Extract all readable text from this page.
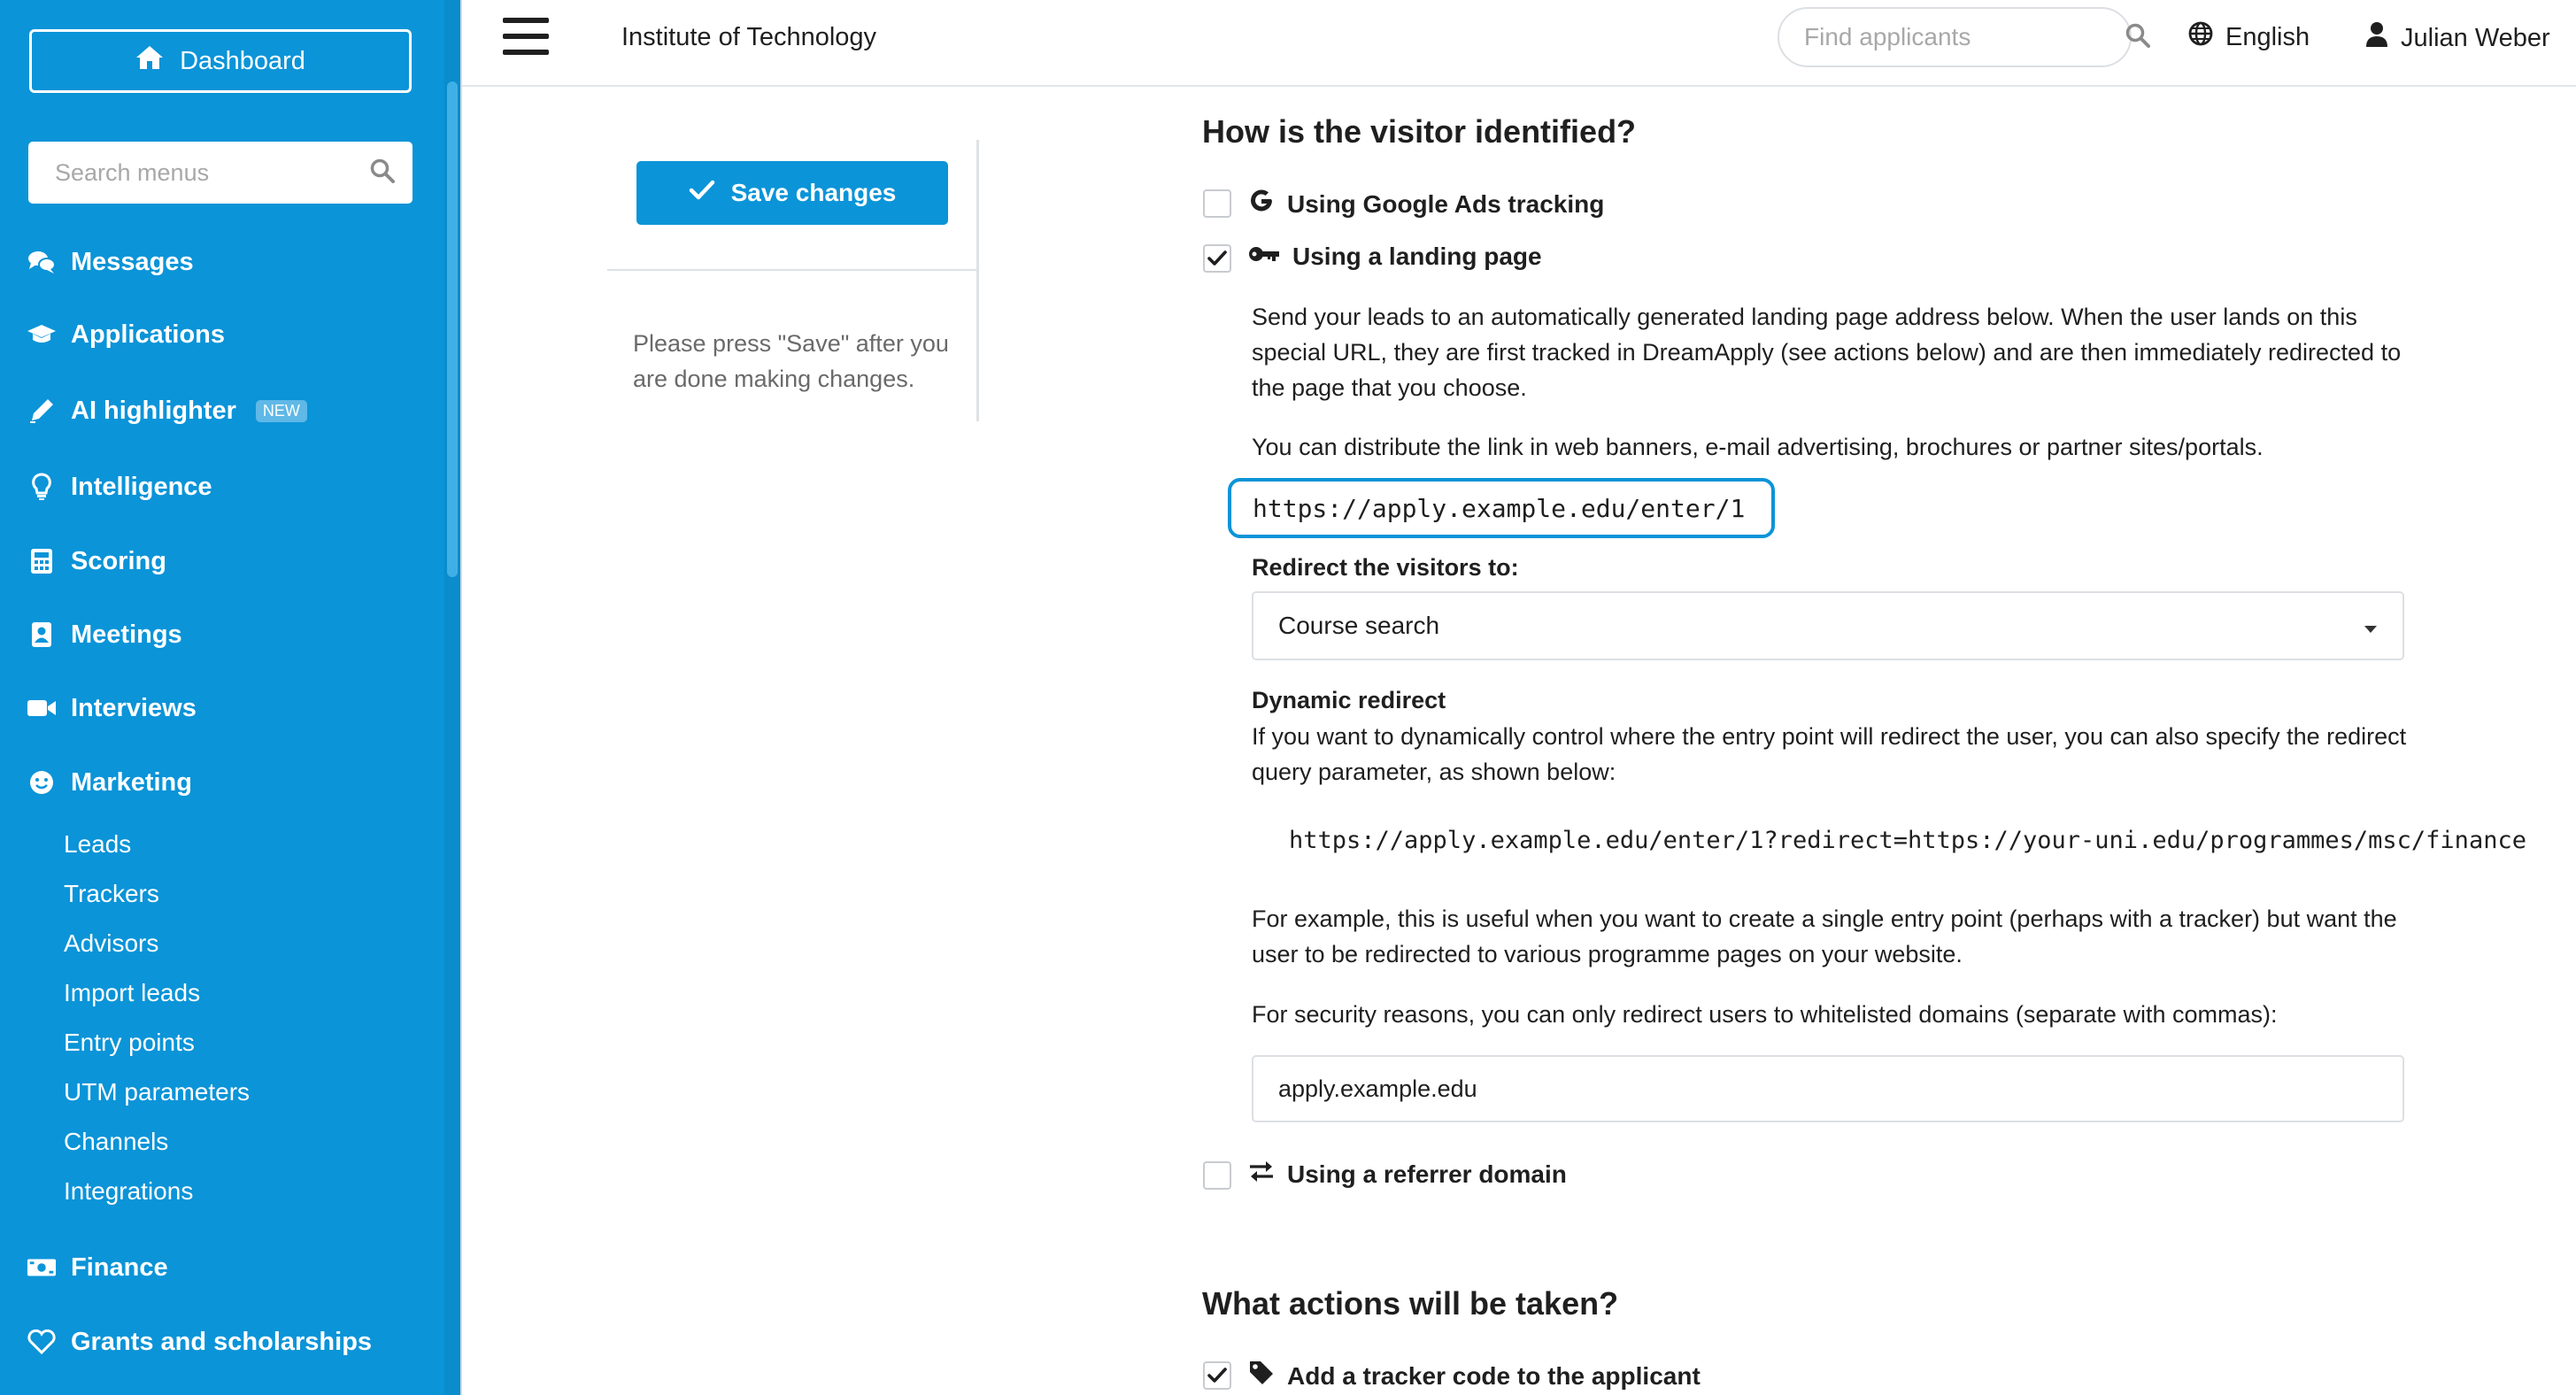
Dashboard
Search menus
Messages
Applications
AI highlighter	NEW
Intelligence
Scoring
Meetings
Interviews
Marketing
Leads
Trackers
Advisors
Import leads
Entry points
UTM parameters
Channels
Integrations
Finance
Grants and scholarships
Institute of Technology
Find applicants	English	Julian Weber
Save changes
Please press "Save" after you are done making changes.
How is the visitor identified?
Using Google Ads tracking
Using a landing page

Send your leads to an automatically generated landing page address below. When the user lands on this special URL, they are first tracked in DreamApply (see actions below) and are then immediately redirected to the page that you choose.

You can distribute the link in web banners, e-mail advertising, brochures or partner sites/portals.

https://apply.example.edu/enter/1
Redirect the visitors to:
Course search
Dynamic redirect

If you want to dynamically control where the entry point will redirect the user, you can also specify the redirect query parameter, as shown below:

https://apply.example.edu/enter/1?redirect=https://your-uni.edu/programmes/msc/finance

For example, this is useful when you want to create a single entry point (perhaps with a tracker) but want the user to be redirected to various programme pages on your website.

For security reasons, you can only redirect users to whitelisted domains (separate with commas):

apply.example.edu
Using a referrer domain
What actions will be taken?
Add a tracker code to the applicant
